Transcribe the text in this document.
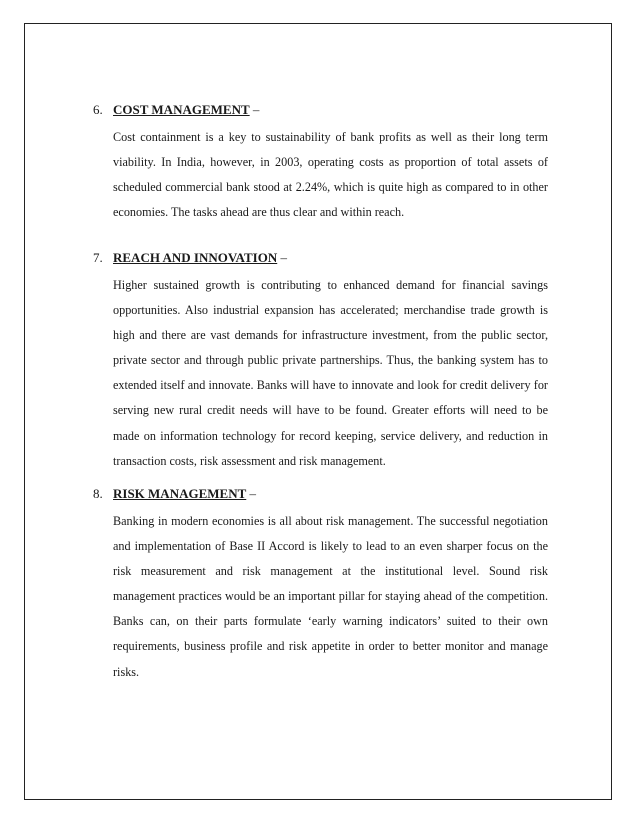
6. COST MANAGEMENT –

Cost containment is a key to sustainability of bank profits as well as their long term viability. In India, however, in 2003, operating costs as proportion of total assets of scheduled commercial bank stood at 2.24%, which is quite high as compared to in other economies. The tasks ahead are thus clear and within reach.

7. REACH AND INNOVATION –

Higher sustained growth is contributing to enhanced demand for financial savings opportunities. Also industrial expansion has accelerated; merchandise trade growth is high and there are vast demands for infrastructure investment, from the public sector, private sector and through public private partnerships. Thus, the banking system has to extended itself and innovate. Banks will have to innovate and look for credit delivery for serving new rural credit needs will have to be found. Greater efforts will need to be made on information technology for record keeping, service delivery, and reduction in transaction costs, risk assessment and risk management.

8. RISK MANAGEMENT –

Banking in modern economies is all about risk management. The successful negotiation and implementation of Base II Accord is likely to lead to an even sharper focus on the risk measurement and risk management at the institutional level. Sound risk management practices would be an important pillar for staying ahead of the competition. Banks can, on their parts formulate ‘early warning indicators’ suited to their own requirements, business profile and risk appetite in order to better monitor and manage risks.
